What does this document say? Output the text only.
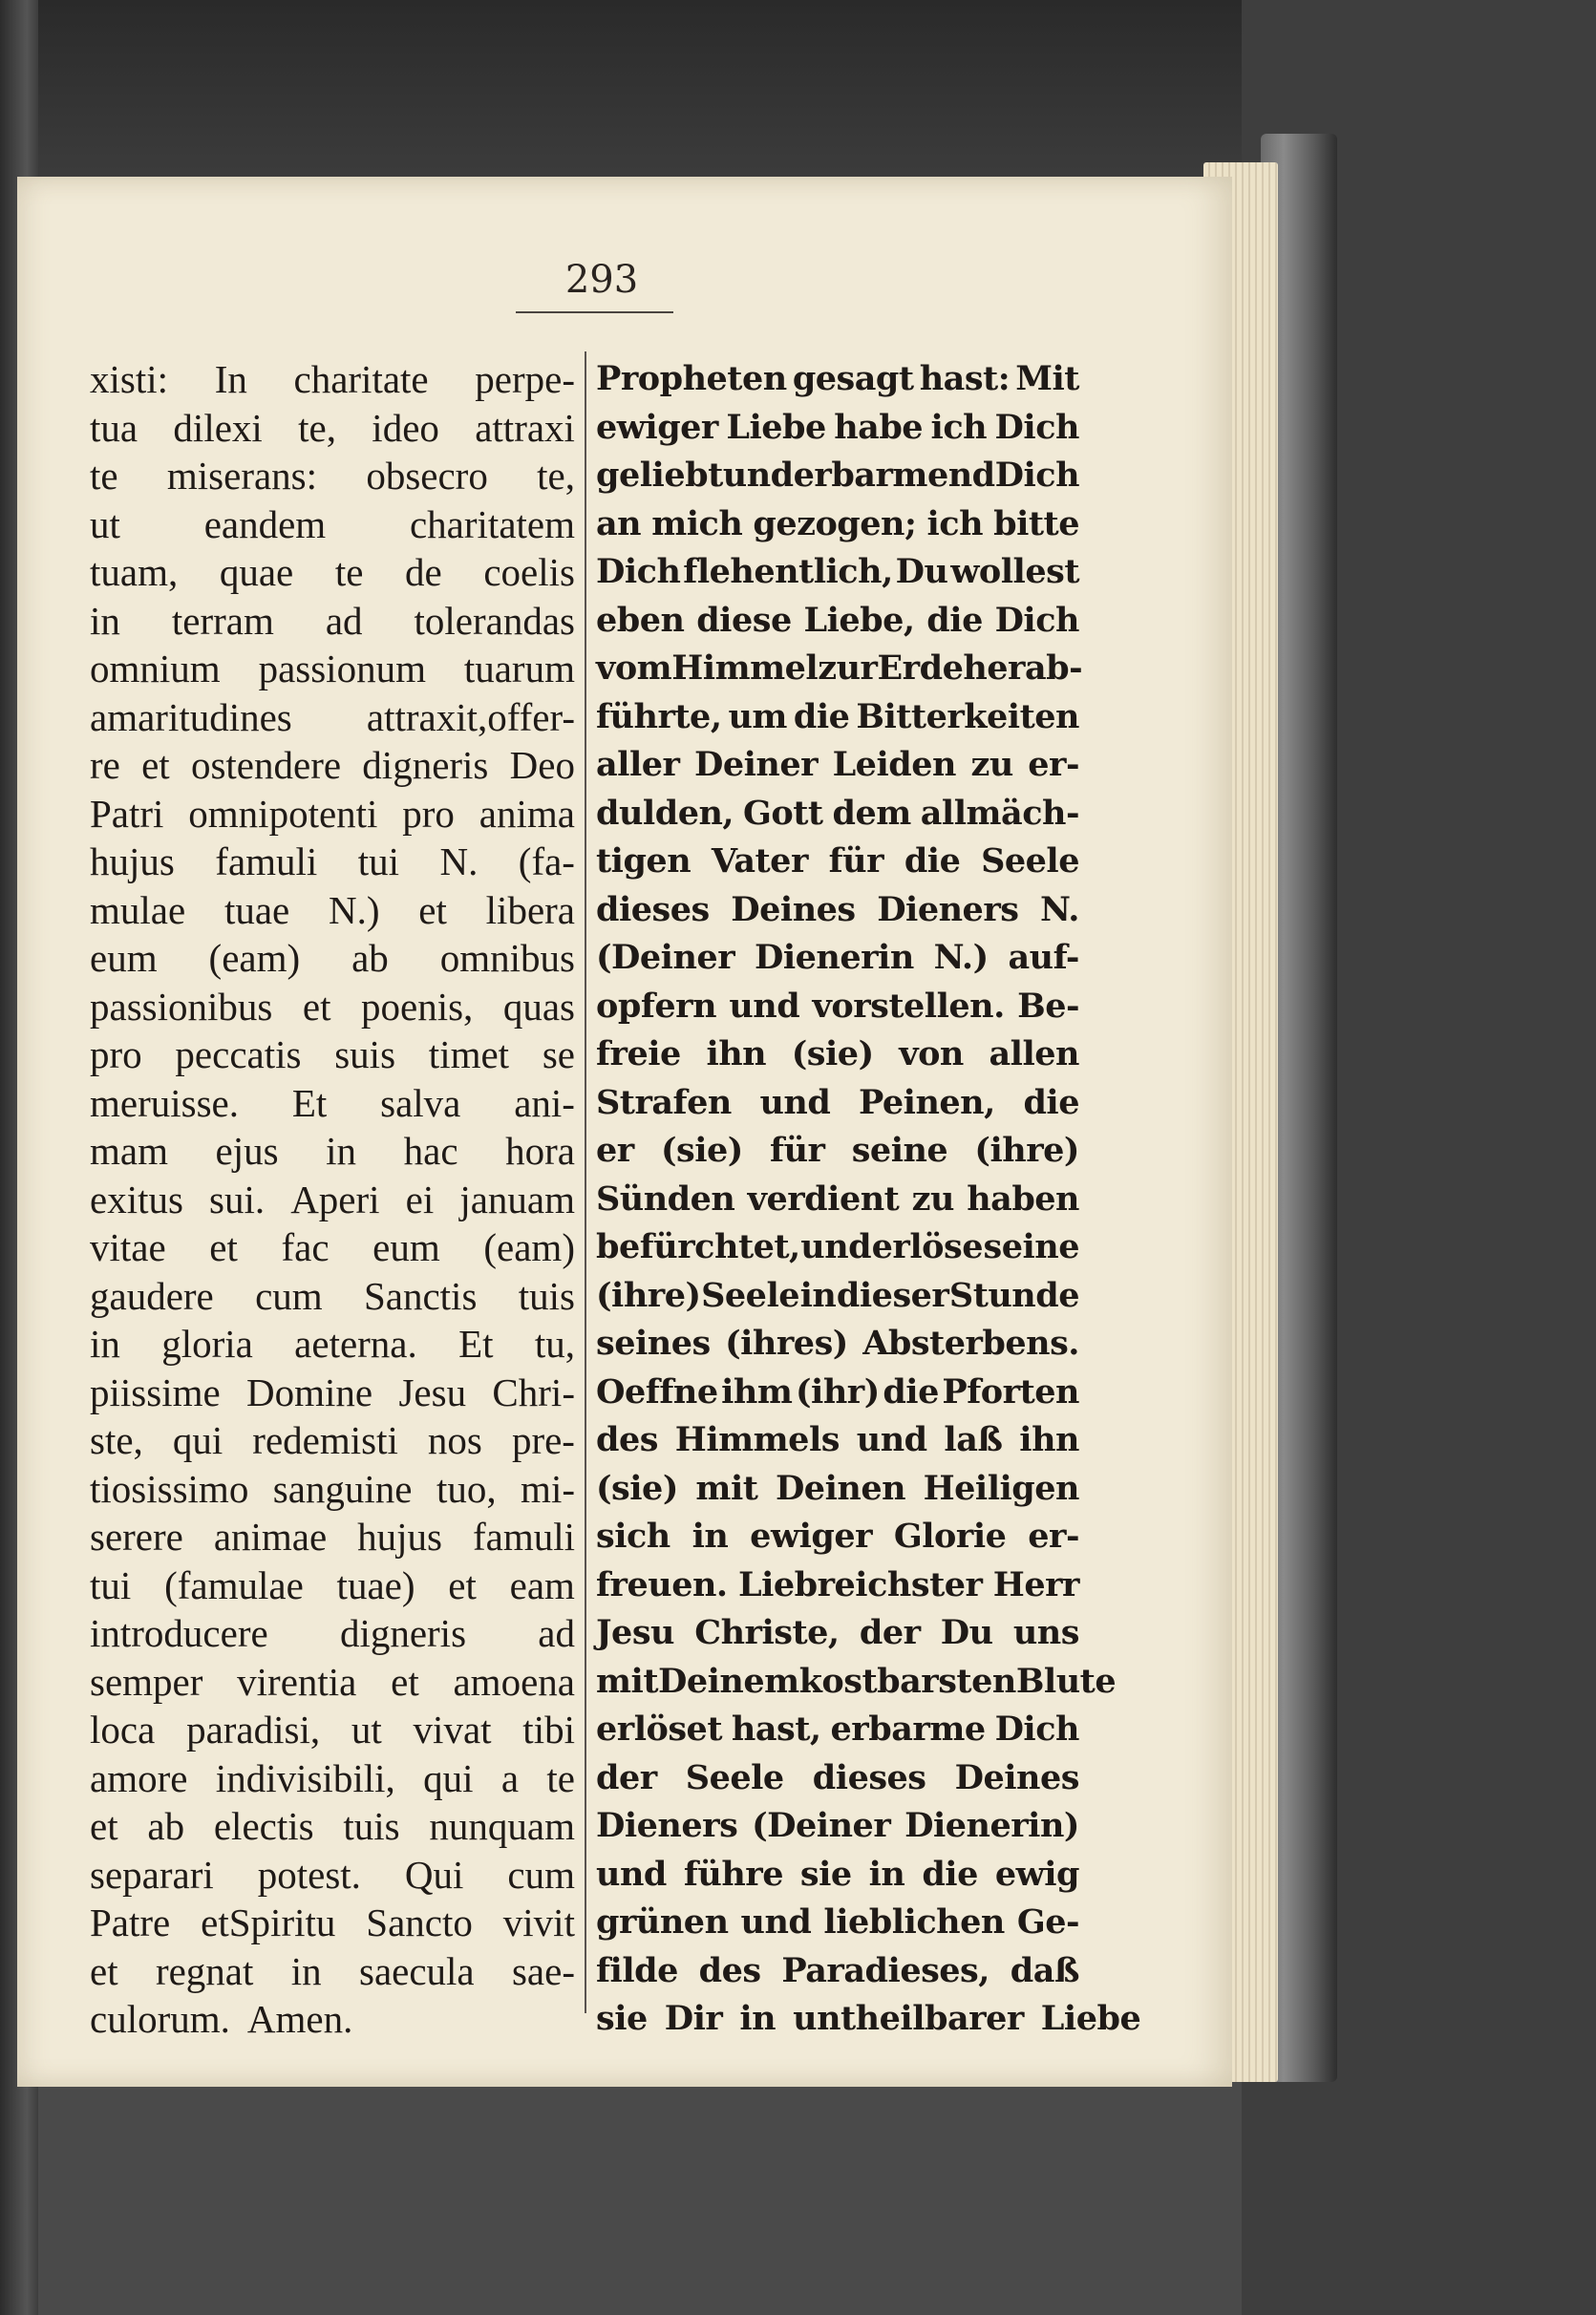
293
xisti: In charitate perpe-
tua dilexi te, ideo attraxi
te miserans: obsecro te,
ut eandem charitatem
tuam, quae te de coelis
in terram ad tolerandas
omnium passionum tuarum
amaritudines attraxit,offer-
re et ostendere digneris Deo
Patri omnipotenti pro anima
hujus famuli tui N. (fa-
mulae tuae N.) et libera
eum (eam) ab omnibus
passionibus et poenis, quas
pro peccatis suis timet se
meruisse. Et salva ani-
mam ejus in hac hora
exitus sui. Aperi ei januam
vitae et fac eum (eam)
gaudere cum Sanctis tuis
in gloria aeterna. Et tu,
piissime Domine Jesu Chri-
ste, qui redemisti nos pre-
tiosissimo sanguine tuo, mi-
serere animae hujus famuli
tui (famulae tuae) et eam
introducere digneris ad
semper virentia et amoena
loca paradisi, ut vivat tibi
amore indivisibili, qui a te
et ab electis tuis nunquam
separari potest. Qui cum
Patre etSpiritu Sancto vivit
et regnat in saecula sae-
culorum. Amen.
Propheten gesagt hast: Mit
ewiger Liebe habe ich Dich
geliebt und erbarmend Dich
an mich gezogen; ich bitte
Dich flehentlich, Du wollest
eben diese Liebe, die Dich
vom Himmel zur Erde herab-
führte, um die Bitterkeiten
aller Deiner Leiden zu er-
dulden, Gott dem allmäch-
tigen Vater für die Seele
dieses Deines Dieners N.
(Deiner Dienerin N.) auf-
opfern und vorstellen. Be-
freie ihn (sie) von allen
Strafen und Peinen, die
er (sie) für seine (ihre)
Sünden verdient zu haben
befürchtet, und erlöse seine
(ihre) Seele in dieser Stunde
seines (ihres) Absterbens.
Oeffne ihm (ihr) die Pforten
des Himmels und laß ihn
(sie) mit Deinen Heiligen
sich in ewiger Glorie er-
freuen. Liebreichster Herr
Jesu Christe, der Du uns
mit Deinem kostbarsten Blute
erlöset hast, erbarme Dich
der Seele dieses Deines
Dieners (Deiner Dienerin)
und führe sie in die ewig
grünen und lieblichen Ge-
filde des Paradieses, daß
sie Dir in untheilbarer Liebe
